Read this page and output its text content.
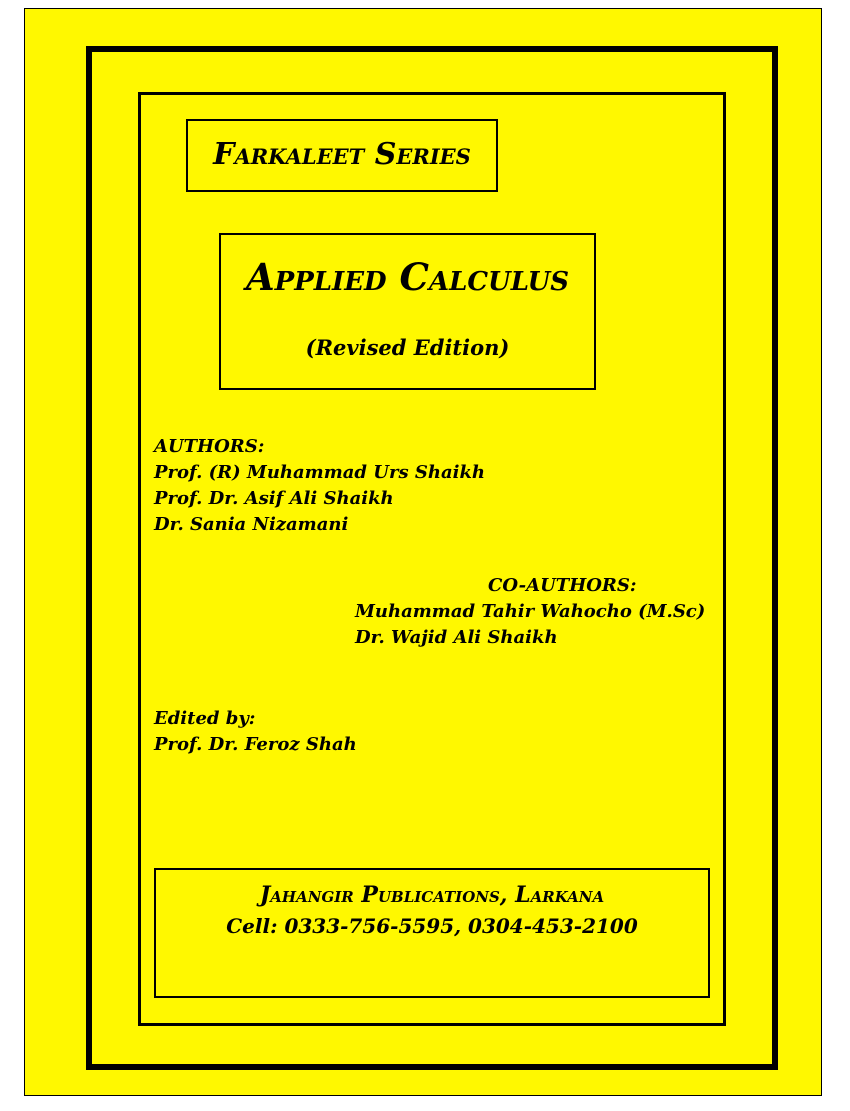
Farkaleet Series
Applied Calculus
(Revised Edition)
AUTHORS:
Prof. (R) Muhammad Urs Shaikh
Prof. Dr. Asif Ali Shaikh
Dr. Sania Nizamani
CO-AUTHORS:
Muhammad Tahir Wahocho (M.Sc)
Dr. Wajid Ali Shaikh
Edited by:
Prof. Dr. Feroz Shah
Jahangir Publications, Larkana
Cell: 0333-756-5595, 0304-453-2100
